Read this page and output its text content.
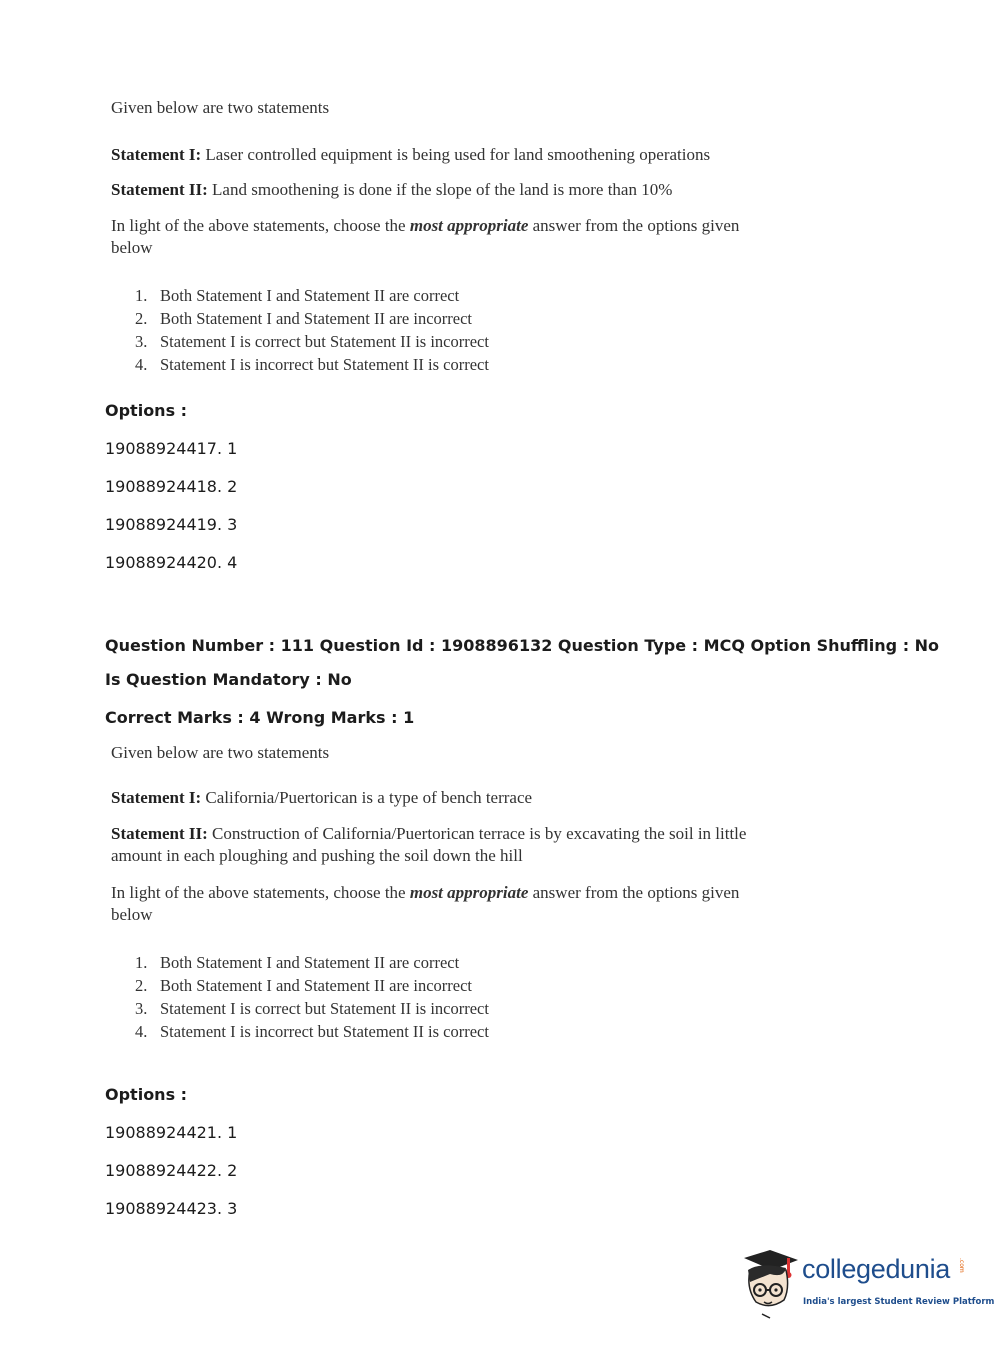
Given below are two statements

Statement I: Laser controlled equipment is being used for land smoothening operations

Statement II: Land smoothening is done if the slope of the land is more than 10%

In light of the above statements, choose the most appropriate answer from the options given

below

1. Both Statement I and Statement II are correct
2. Both Statement I and Statement II are incorrect
3. Statement I is correct but Statement II is incorrect
4. Statement I is incorrect but Statement II is correct
Options :
19088924417. 1
19088924418. 2
19088924419. 3
19088924420. 4
Question Number : 111 Question Id : 1908896132 Question Type : MCQ Option Shuffling : No
Is Question Mandatory : No
Correct Marks : 4 Wrong Marks : 1

Given below are two statements

Statement I: California/Puertorican is a type of bench terrace

Statement II: Construction of California/Puertorican terrace is by excavating the soil in little

amount in each ploughing and pushing the soil down the hill

In light of the above statements, choose the most appropriate answer from the options given

below

1. Both Statement I and Statement II are correct
2. Both Statement I and Statement II are incorrect
3. Statement I is correct but Statement II is incorrect
4. Statement I is incorrect but Statement II is correct
Options :
19088924421. 1
19088924422. 2
19088924423. 3
collegedunia .com
India's largest Student Review Platform
